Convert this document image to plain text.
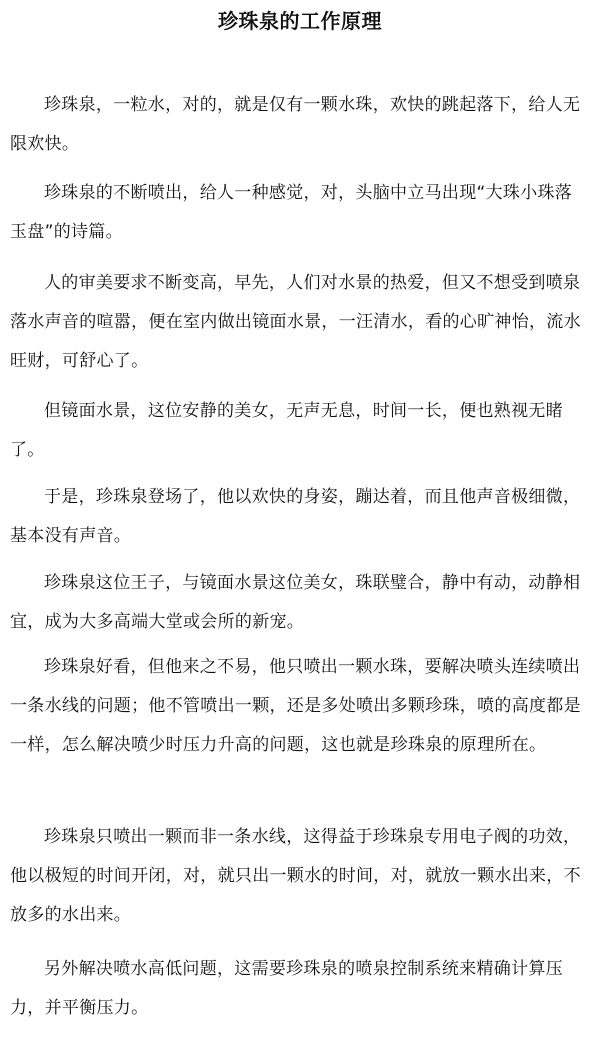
珍珠泉的工作原理
珍珠泉，一粒水，对的，就是仅有一颗水珠，欢快的跳起落下，给人无限欢快。
珍珠泉的不断喷出，给人一种感觉，对，头脑中立马出现“大珠小珠落玉盘”的诗篇。
人的审美要求不断变高，早先，人们对水景的热爱，但又不想受到喷泉落水声音的喧嚣，便在室内做出镜面水景，一汪清水，看的心旷神怡，流水旺财，可舒心了。
但镜面水景，这位安静的美女，无声无息，时间一长，便也熟视无睹了。
于是，珍珠泉登场了，他以欢快的身姿，蹦达着，而且他声音极细微，基本没有声音。
珍珠泉这位王子，与镜面水景这位美女，珠联璧合，静中有动，动静相宜，成为大多高端大堂或会所的新宠。
珍珠泉好看，但他来之不易，他只喷出一颗水珠，要解决喷头连续喷出一条水线的问题；他不管喷出一颗，还是多处喷出多颗珍珠，喷的高度都是一样，怎么解决喷少时压力升高的问题，这也就是珍珠泉的原理所在。
珍珠泉只喷出一颗而非一条水线，这得益于珍珠泉专用电子阀的功效，他以极短的时间开闭，对，就只出一颗水的时间，对，就放一颗水出来，不放多的水出来。
另外解决喷水高低问题，这需要珍珠泉的喷泉控制系统来精确计算压力，并平衡压力。
